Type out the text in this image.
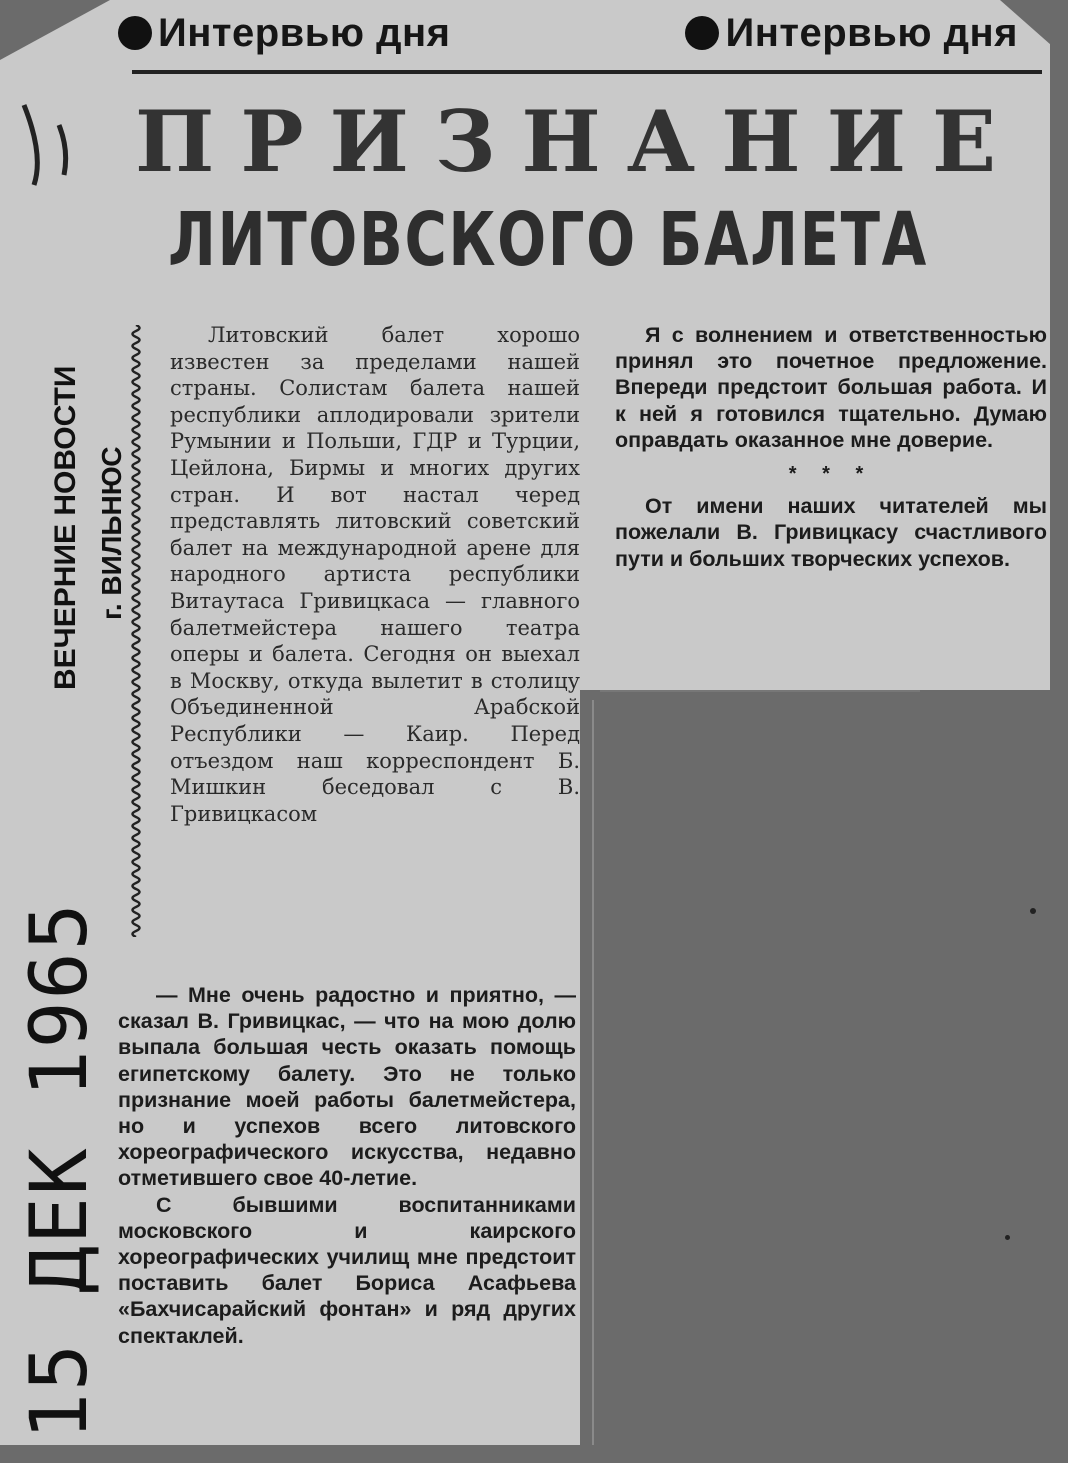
Интервью дня	Интервью дня
ПРИЗНАНИЕ
ЛИТОВСКОГО БАЛЕТА
ВЕЧЕРНИЕ НОВОСТИ г. ВИЛЬНЮС
15 ДЕК 1965

Литовский балет хорошо известен за пределами нашей страны. Солистам балета нашей республики аплодировали зрители Румынии и Польши, ГДР и Турции, Цейлона, Бирмы и многих других стран. И вот настал черед представлять литовский советский балет на международной арене для народного артиста республики Витаутаса Гривицкаса — главного балетмейстера нашего театра оперы и балета. Сегодня он выехал в Москву, откуда вылетит в столицу Объединенной Арабской Республики — Каир. Перед отъездом наш корреспондент Б. Мишкин беседовал с В. Гривицкасом

— Мне очень радостно и приятно, — сказал В. Гривицкас, — что на мою долю выпала большая честь оказать помощь египетскому балету. Это не только признание моей работы балетмейстера, но и успехов всего литовского хореографического искусства, недавно отметившего свое 40-летие.

С бывшими воспитанниками московского и каирского хореографических училищ мне предстоит поставить балет Бориса Асафьева «Бахчисарайский фонтан» и ряд других спектаклей.

Я с волнением и ответственностью принял это почетное предложение. Впереди предстоит большая работа. И к ней я готовился тщательно. Думаю оправдать оказанное мне доверие.

* * *

От имени наших читателей мы пожелали В. Гривицкасу счастливого пути и больших творческих успехов.
